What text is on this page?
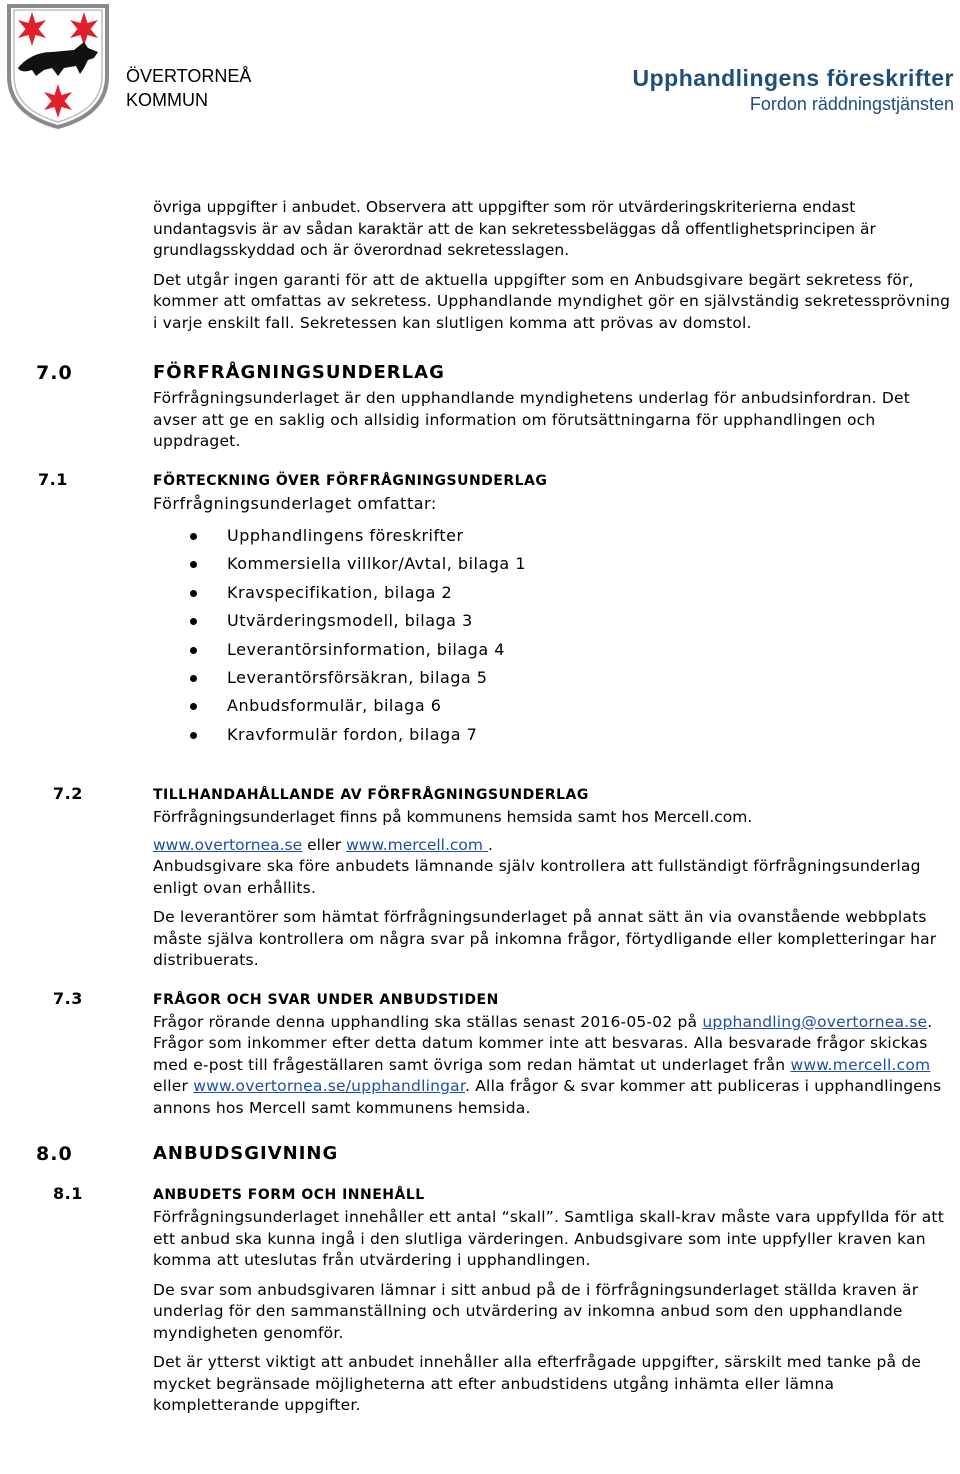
ÖVERTORNEÅ
KOMMUN
Upphandlingens föreskrifter
Fordon räddningstjänsten
övriga uppgifter i anbudet. Observera att uppgifter som rör utvärderingskriterierna endast undantagsvis är av sådan karaktär att de kan sekretessbeläggas då offentlighetsprincipen är grundlagsskyddad och är överordnad sekretesslagen.
Det utgår ingen garanti för att de aktuella uppgifter som en Anbudsgivare begärt sekretess för, kommer att omfattas av sekretess. Upphandlande myndighet gör en självständig sekretessprövning i varje enskilt fall. Sekretessen kan slutligen komma att prövas av domstol.
7.0	FÖRFRÅGNINGSUNDERLAG
Förfrågningsunderlaget är den upphandlande myndighetens underlag för anbudsinfordran. Det avser att ge en saklig och allsidig information om förutsättningarna för upphandlingen och uppdraget.
7.1	FÖRTECKNING ÖVER FÖRFRÅGNINGSUNDERLAG
Förfrågningsunderlaget omfattar:
Upphandlingens föreskrifter
Kommersiella villkor/Avtal, bilaga 1
Kravspecifikation, bilaga 2
Utvärderingsmodell, bilaga 3
Leverantörsinformation, bilaga 4
Leverantörsförsäkran, bilaga 5
Anbudsformulär, bilaga 6
Kravformulär fordon, bilaga 7
7.2	TILLHANDAHÅLLANDE AV FÖRFRÅGNINGSUNDERLAG
Förfrågningsunderlaget finns på kommunens hemsida samt hos Mercell.com.
www.overtornea.se eller www.mercell.com .
Anbudsgivare ska före anbudets lämnande själv kontrollera att fullständigt förfrågningsunderlag enligt ovan erhållits.
De leverantörer som hämtat förfrågningsunderlaget på annat sätt än via ovanstående webbplats måste själva kontrollera om några svar på inkomna frågor, förtydligande eller kompletteringar har distribuerats.
7.3	FRÅGOR OCH SVAR UNDER ANBUDSTIDEN
Frågor rörande denna upphandling ska ställas senast 2016-05-02 på upphandling@overtornea.se. Frågor som inkommer efter detta datum kommer inte att besvaras. Alla besvarade frågor skickas med e-post till frågeställaren samt övriga som redan hämtat ut underlaget från www.mercell.com eller www.overtornea.se/upphandlingar. Alla frågor & svar kommer att publiceras i upphandlingens annons hos Mercell samt kommunens hemsida.
8.0	ANBUDSGIVNING
8.1	ANBUDETS FORM OCH INNEHÅLL
Förfrågningsunderlaget innehåller ett antal “skall”. Samtliga skall-krav måste vara uppfyllda för att ett anbud ska kunna ingå i den slutliga värderingen. Anbudsgivare som inte uppfyller kraven kan komma att uteslutas från utvärdering i upphandlingen.
De svar som anbudsgivaren lämnar i sitt anbud på de i förfrågningsunderlaget ställda kraven är underlag för den sammanställning och utvärdering av inkomna anbud som den upphandlande myndigheten genomför.
Det är ytterst viktigt att anbudet innehåller alla efterfrågade uppgifter, särskilt med tanke på de mycket begränsade möjligheterna att efter anbudstidens utgång inhämta eller lämna kompletterande uppgifter.
